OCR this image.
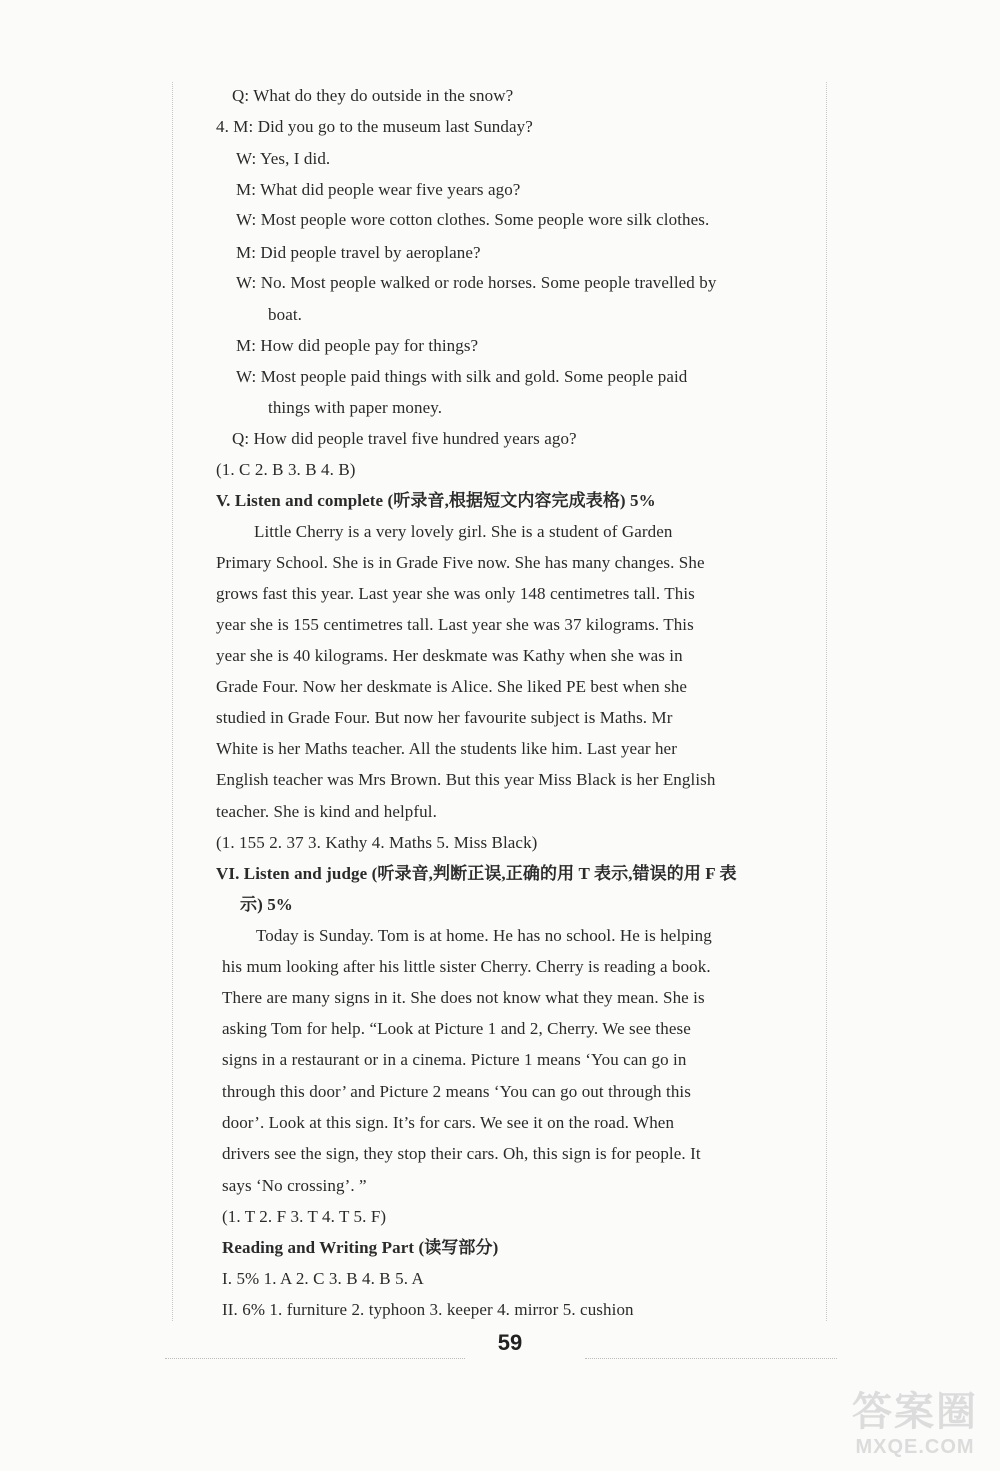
Q: What do they do outside in the snow?
4. M: Did you go to the museum last Sunday?
W: Yes, I did.
M: What did people wear five years ago?
W: Most people wore cotton clothes. Some people wore silk clothes.
M: Did people travel by aeroplane?
W: No. Most people walked or rode horses. Some people travelled by
boat.
M: How did people pay for things?
W: Most people paid things with silk and gold. Some people paid
things with paper money.
Q: How did people travel five hundred years ago?
(1. C 2. B 3. B 4. B)
V. Listen and complete (听录音,根据短文内容完成表格) 5%
Little Cherry is a very lovely girl. She is a student of Garden
Primary School. She is in Grade Five now. She has many changes. She
grows fast this year. Last year she was only 148 centimetres tall. This
year she is 155 centimetres tall. Last year she was 37 kilograms. This
year she is 40 kilograms. Her deskmate was Kathy when she was in
Grade Four. Now her deskmate is Alice. She liked PE best when she
studied in Grade Four. But now her favourite subject is Maths. Mr
White is her Maths teacher. All the students like him. Last year her
English teacher was Mrs Brown. But this year Miss Black is her English
teacher. She is kind and helpful.
(1. 155 2. 37 3. Kathy 4. Maths 5. Miss Black)
VI. Listen and judge (听录音,判断正误,正确的用 T 表示,错误的用 F 表
示) 5%
Today is Sunday. Tom is at home. He has no school. He is helping
his mum looking after his little sister Cherry. Cherry is reading a book.
There are many signs in it. She does not know what they mean. She is
asking Tom for help. “Look at Picture 1 and 2, Cherry. We see these
signs in a restaurant or in a cinema. Picture 1 means ‘You can go in
through this door’ and Picture 2 means ‘You can go out through this
door’. Look at this sign. It’s for cars. We see it on the road. When
drivers see the sign, they stop their cars. Oh, this sign is for people. It
says ‘No crossing’. ”
(1. T 2. F 3. T 4. T 5. F)
Reading and Writing Part (读写部分)
I. 5% 1. A 2. C 3. B 4. B 5. A
II. 6% 1. furniture 2. typhoon 3. keeper 4. mirror 5. cushion
59
答案圈
MXQE.COM
